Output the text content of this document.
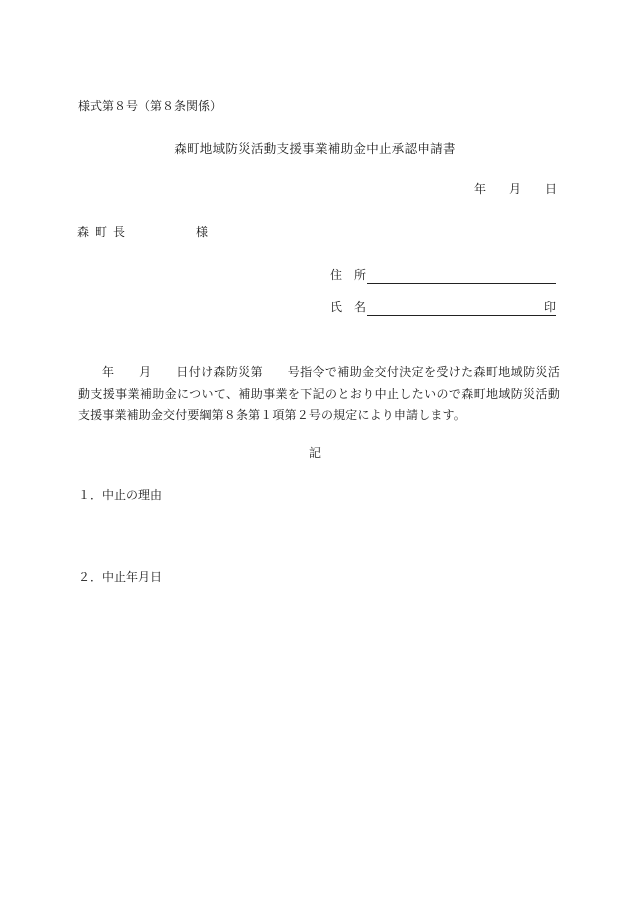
様式第８号（第８条関係）
森町地域防災活動支援事業補助金中止承認申請書
年 月 日
森町長	様
住 所
氏 名	印
年　　月　　日付け森防災第　　号指令で補助金交付決定を受けた森町地域防災活動支援事業補助金について、補助事業を下記のとおり中止したいので森町地域防災活動支援事業補助金交付要綱第８条第１項第２号の規定により申請します。
記
１．中止の理由
２．中止年月日
